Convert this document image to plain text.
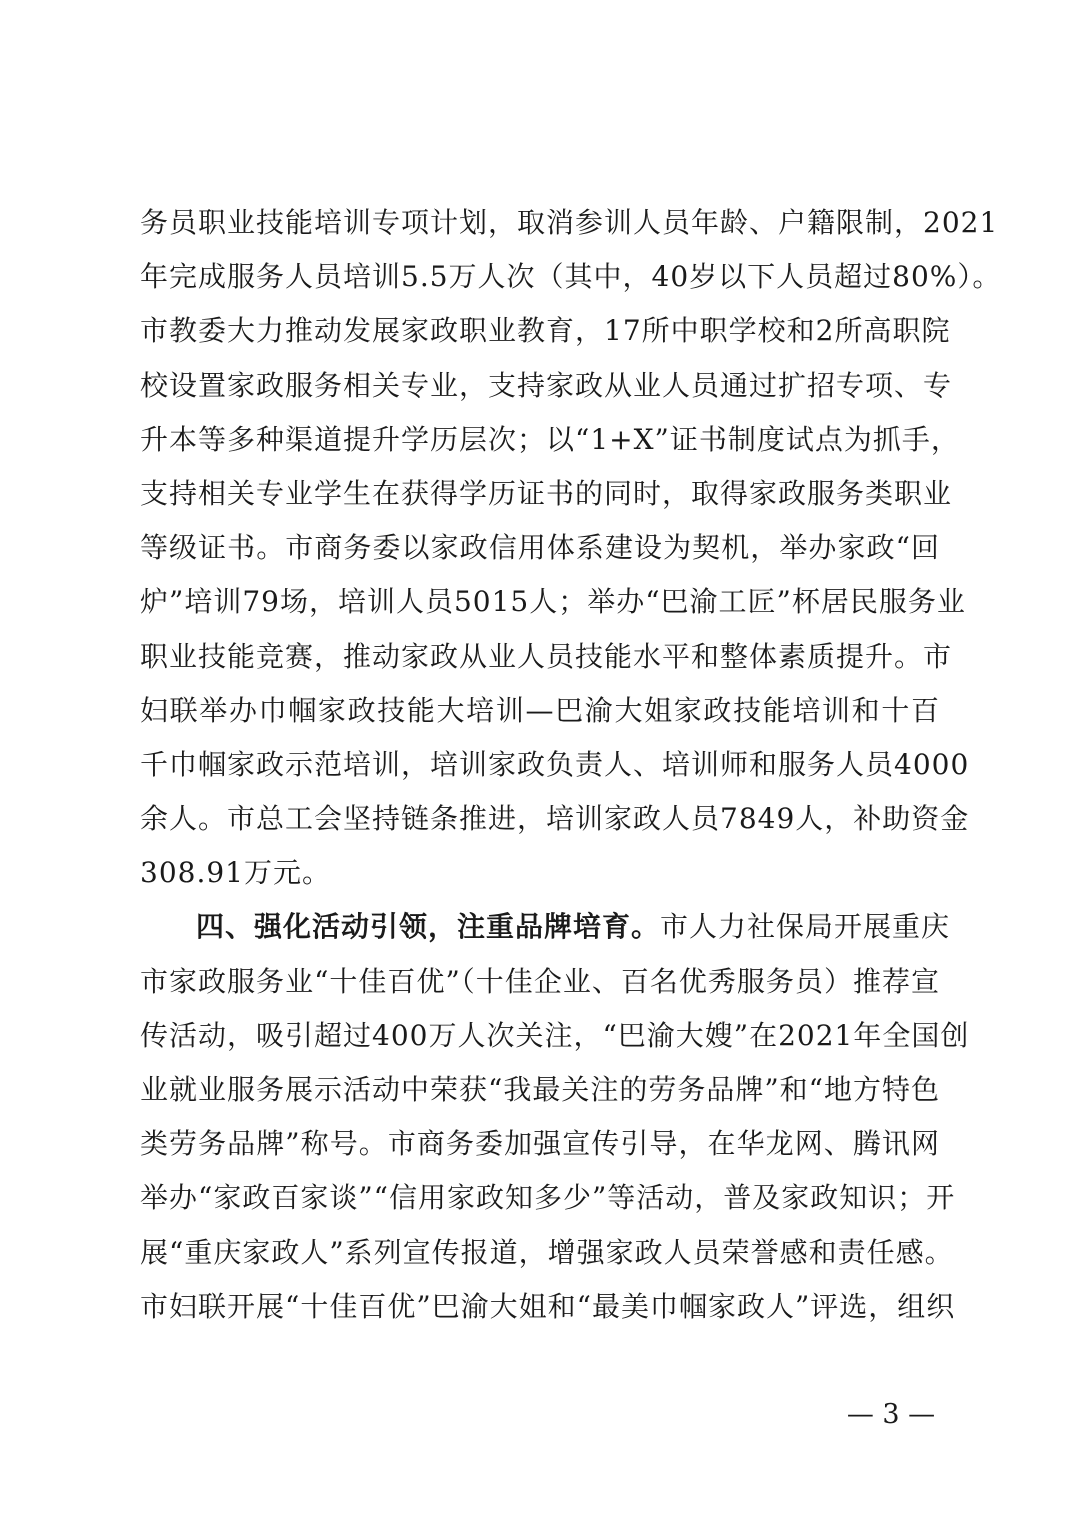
务员职业技能培训专项计划，取消参训人员年龄、户籍限制，2021
年完成服务人员培训5.5万人次（其中，40岁以下人员超过80%）。
市教委大力推动发展家政职业教育，17所中职学校和2所高职院
校设置家政服务相关专业，支持家政从业人员通过扩招专项、专
升本等多种渠道提升学历层次；以“1+X”证书制度试点为抓手，
支持相关专业学生在获得学历证书的同时，取得家政服务类职业
等级证书。市商务委以家政信用体系建设为契机，举办家政“回
炉”培训79场，培训人员5015人；举办“巴渝工匠”杯居民服务业
职业技能竞赛，推动家政从业人员技能水平和整体素质提升。市
妇联举办巾帼家政技能大培训—巴渝大姐家政技能培训和十百
千巾帼家政示范培训，培训家政负责人、培训师和服务人员4000
余人。市总工会坚持链条推进，培训家政人员7849人，补助资金
308.91万元。
四、强化活动引领，注重品牌培育。市人力社保局开展重庆
市家政服务业“十佳百优”（十佳企业、百名优秀服务员）推荐宣
传活动，吸引超过400万人次关注，“巴渝大嫂”在2021年全国创
业就业服务展示活动中荣获“我最关注的劳务品牌”和“地方特色
类劳务品牌”称号。市商务委加强宣传引导，在华龙网、腾讯网
举办“家政百家谈”“信用家政知多少”等活动，普及家政知识；开
展“重庆家政人”系列宣传报道，增强家政人员荣誉感和责任感。
市妇联开展“十佳百优”巴渝大姐和“最美巾帼家政人”评选，组织
— 3 —
